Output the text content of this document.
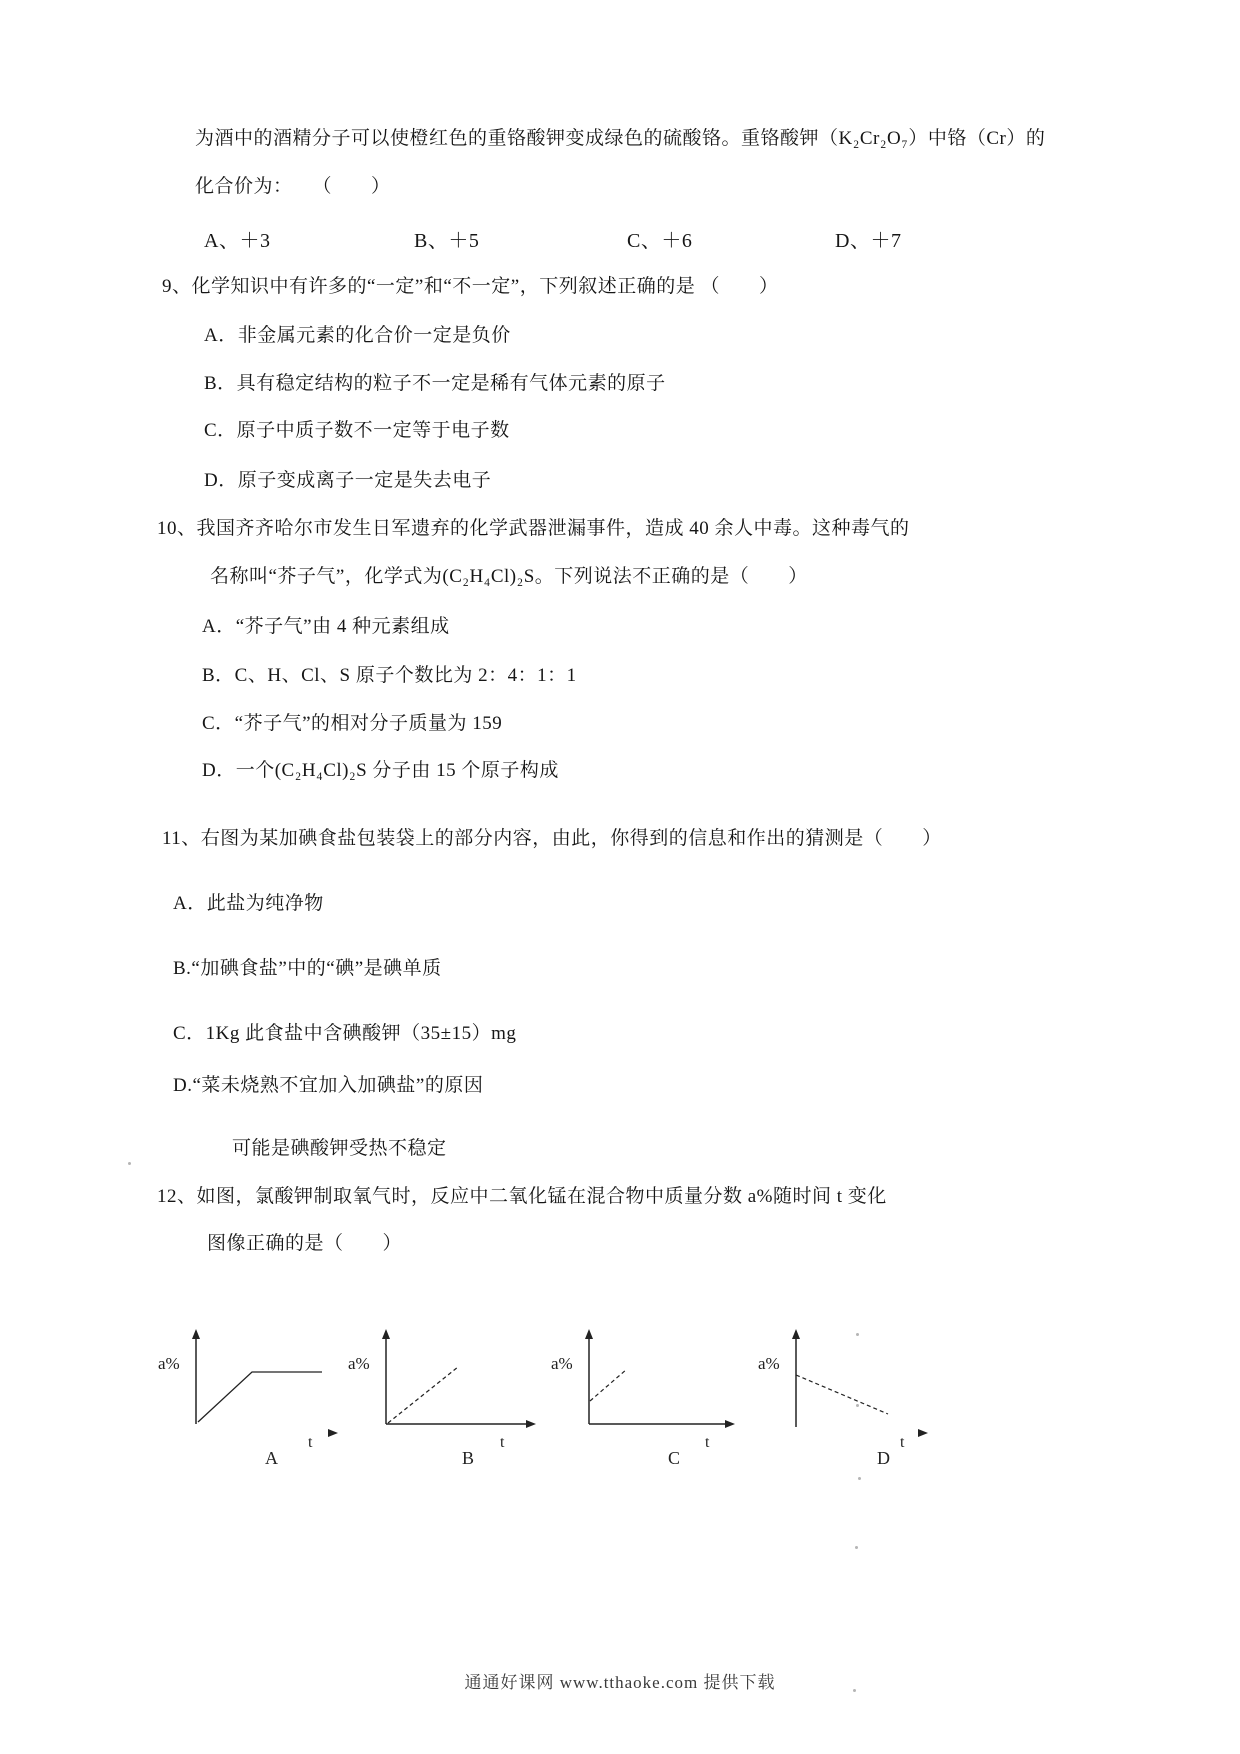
为酒中的酒精分子可以使橙红色的重铬酸钾变成绿色的硫酸铬。重铬酸钾（K₂Cr₂O₇）中铬（Cr）的
化合价为：　　（　　）
A、＋3	B、＋5	C、＋6	D、＋7
9、化学知识中有许多的“一定”和“不一定”，下列叙述正确的是 （　　）
A．非金属元素的化合价一定是负价
B．具有稳定结构的粒子不一定是稀有气体元素的原子
C．原子中质子数不一定等于电子数
D．原子变成离子一定是失去电子
10、我国齐齐哈尔市发生日军遗弃的化学武器泄漏事件，造成 40 余人中毒。这种毒气的
名称叫“芥子气”，化学式为(C₂H₄Cl)₂S。下列说法不正确的是（　　）
A．“芥子气”由 4 种元素组成
B．C、H、Cl、S 原子个数比为 2：4：1：1
C．“芥子气”的相对分子质量为 159
D．一个(C₂H₄Cl)₂S 分子由 15 个原子构成
11、右图为某加碘食盐包装袋上的部分内容，由此，你得到的信息和作出的猜测是（　　）
A．此盐为纯净物
B.“加碘食盐”中的“碘”是碘单质
C．1Kg 此食盐中含碘酸钾（35±15）mg
D.“菜未烧熟不宜加入加碘盐”的原因
可能是碘酸钾受热不稳定
12、如图，氯酸钾制取氧气时，反应中二氧化锰在混合物中质量分数 a%随时间 t 变化
图像正确的是（　　）
a%
t
a%
t
a%
t
a%
t
A	B	C	D
通通好课网 www.tthaoke.com 提供下载
